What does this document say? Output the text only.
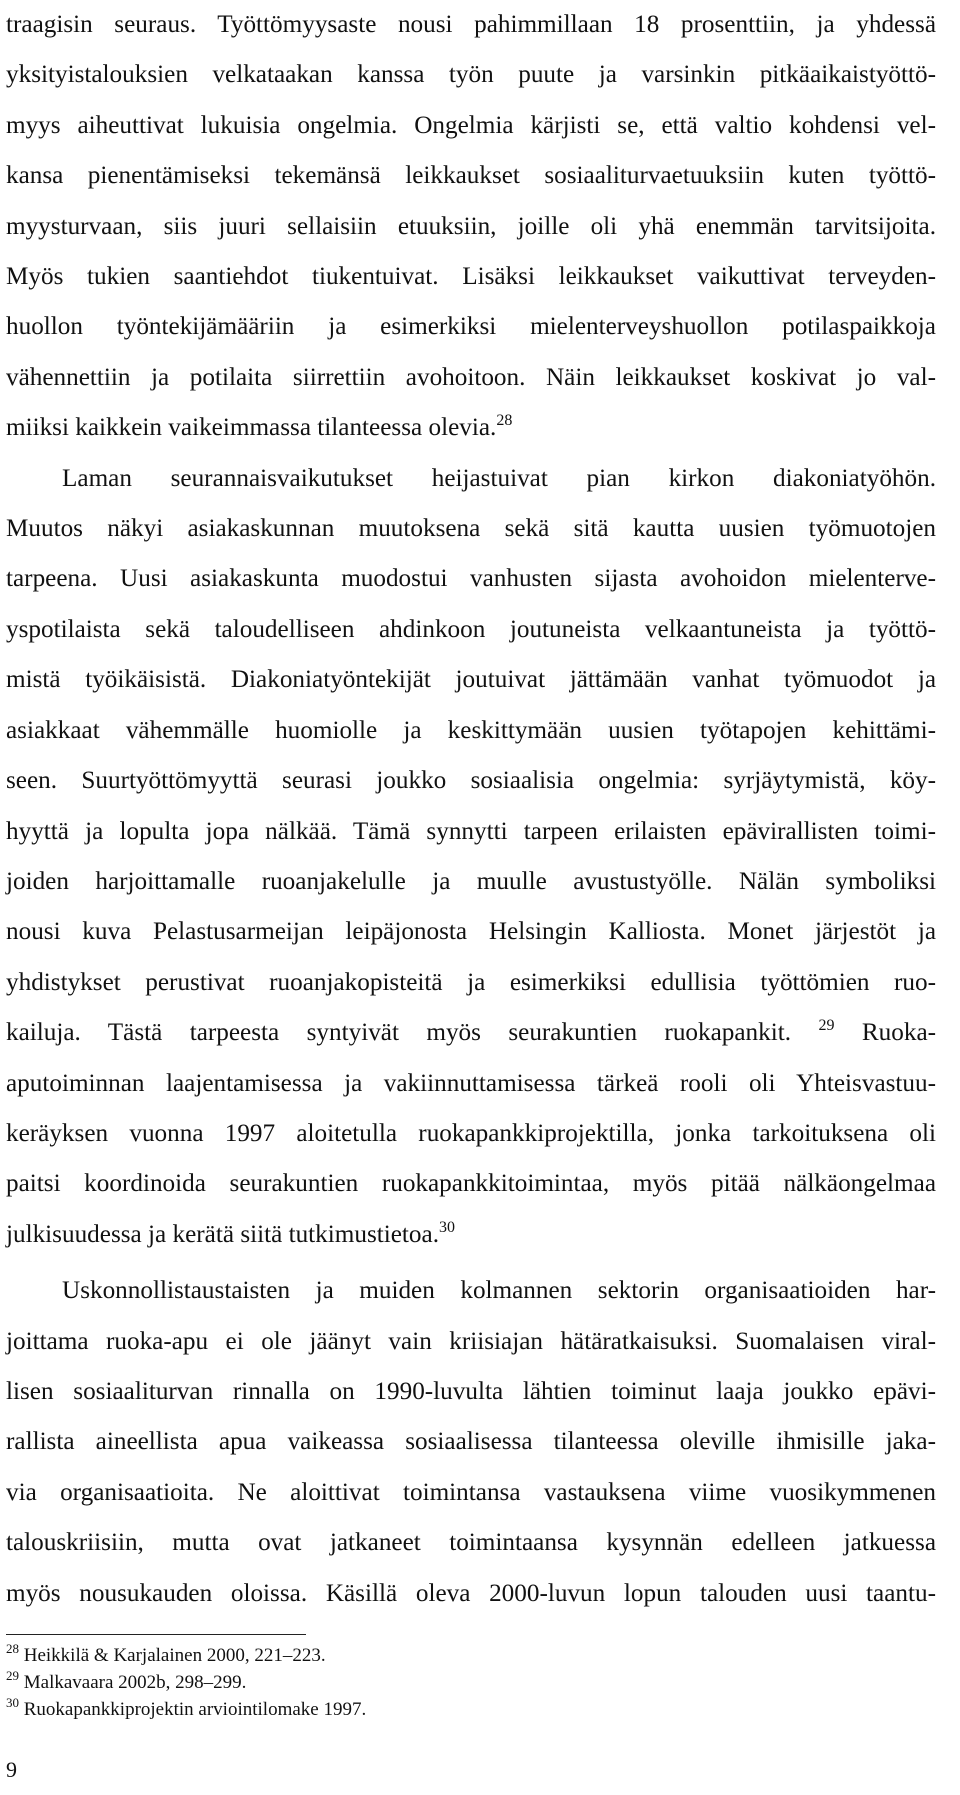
traagisin seuraus. Työttömyysaste nousi pahimmillaan 18 prosenttiin, ja yhdessä
yksityistalouksien velkataakan kanssa työn puute ja varsinkin pitkäaikaistyöttö-
myys aiheuttivat lukuisia ongelmia. Ongelmia kärjisti se, että valtio kohdensi vel-
kansa pienentämiseksi tekemänsä leikkaukset sosiaaliturvaetuuksiin kuten työttö-
myysturvaan, siis juuri sellaisiin etuuksiin, joille oli yhä enemmän tarvitsijoita.
Myös tukien saantiehdot tiukentuivat. Lisäksi leikkaukset vaikuttivat terveyden-
huollon työntekijämääriin ja esimerkiksi mielenterveyshuollon potilaspaikkoja
vähennettiin ja potilaita siirrettiin avohoitoon. Näin leikkaukset koskivat jo val-
miiksi kaikkein vaikeimmassa tilanteessa olevia.$^{28}$
Laman seurannaisvaikutukset heijastuivat pian kirkon diakoniatyöhön.
Muutos näkyi asiakaskunnan muutoksena sekä sitä kautta uusien työmuotojen
tarpeena. Uusi asiakaskunta muodostui vanhusten sijasta avohoidon mielenterve-
yspotilaista sekä taloudelliseen ahdinkoon joutuneista velkaantuneista ja työttö-
mistä työikäisistä. Diakoniatyöntekijät joutuivat jättämään vanhat työmuodot ja
asiakkaat vähemmälle huomiolle ja keskittymään uusien työtapojen kehittämi-
seen. Suurtyöttömyyttä seurasi joukko sosiaalisia ongelmia: syrjäytymistä, köy-
hyyttä ja lopulta jopa nälkää. Tämä synnytti tarpeen erilaisten epävirallisten toimi-
joiden harjoittamalle ruoanjakelulle ja muulle avustustyölle. Nälän symboliksi
nousi kuva Pelastusarmeijan leipäjonosta Helsingin Kalliosta. Monet järjestöt ja
yhdistykset perustivat ruoanjakopisteitä ja esimerkiksi edullisia työttömien ruo-
kailuja. Tästä tarpeesta syntyivät myös seurakuntien ruokapankit. $^{29}$ Ruoka-
aputoiminnan laajentamisessa ja vakiinnuttamisessa tärkeä rooli oli Yhteisvastuu-
keräyksen vuonna 1997 aloitetulla ruokapankkiprojektilla, jonka tarkoituksena oli
paitsi koordinoida seurakuntien ruokapankkitoimintaa, myös pitää nälkäongelmaa
julkisuudessa ja kerätä siitä tutkimustietoa.$^{30}$
Uskonnollistaustaisten ja muiden kolmannen sektorin organisaatioiden har-
joittama ruoka-apu ei ole jäänyt vain kriisiajan hätäratkaisuksi. Suomalaisen viral-
lisen sosiaaliturvan rinnalla on 1990-luvulta lähtien toiminut laaja joukko epävi-
rallista aineellista apua vaikeassa sosiaalisessa tilanteessa oleville ihmisille jaka-
via organisaatioita. Ne aloittivat toimintansa vastauksena viime vuosikymmenen
talouskriisiin, mutta ovat jatkaneet toimintaansa kysynnän edelleen jatkuessa
myös nousukauden oloissa. Käsillä oleva 2000-luvun lopun talouden uusi taantu-
$^{28}$ Heikkilä & Karjalainen 2000, 221–223.
$^{29}$ Malkavaara 2002b, 298–299.
$^{30}$ Ruokapankkiprojektin arviointilomake 1997.
9
